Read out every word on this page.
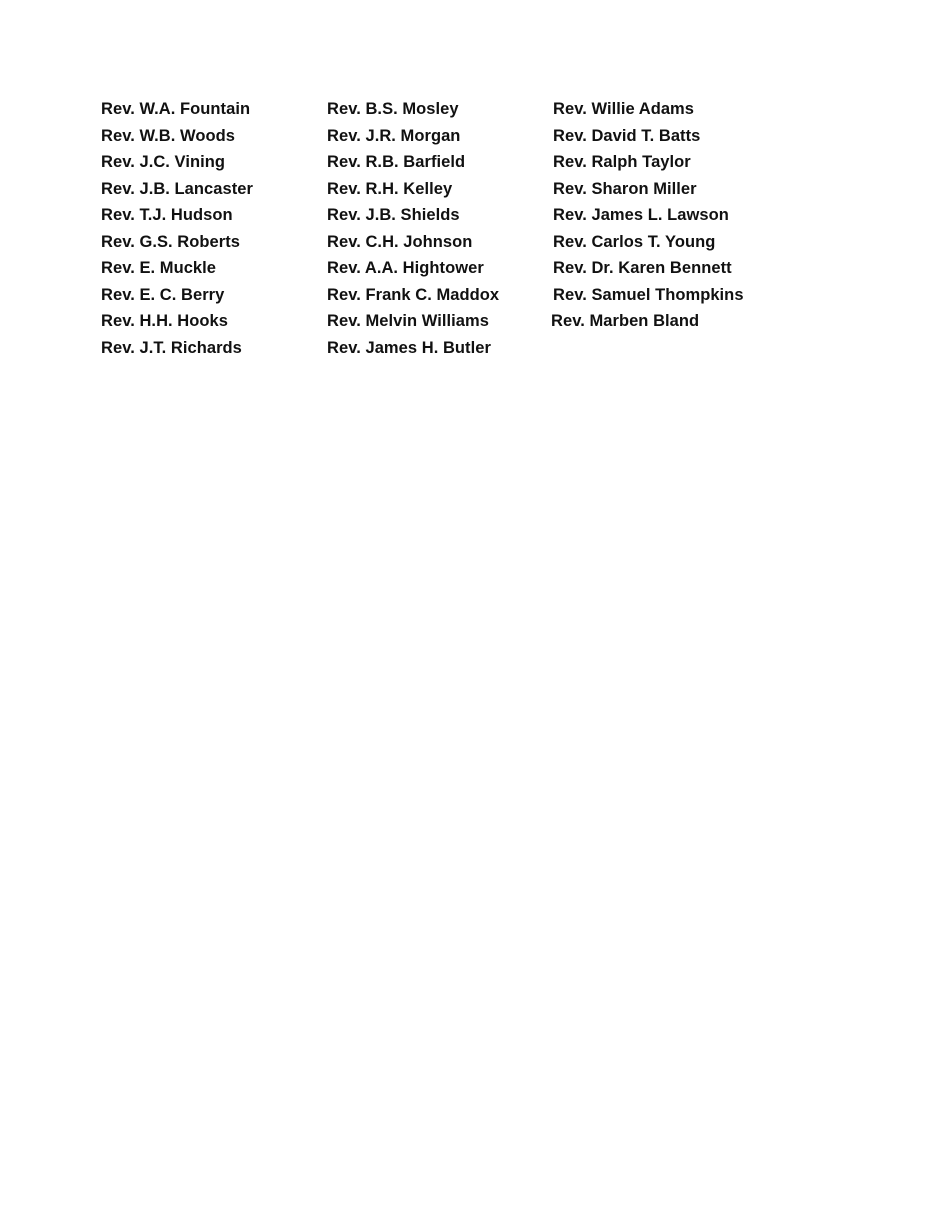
Rev. W.A. Fountain
Rev. W.B. Woods
Rev. J.C. Vining
Rev. J.B. Lancaster
Rev. T.J. Hudson
Rev. G.S. Roberts
Rev. E. Muckle
Rev. E. C. Berry
Rev. H.H. Hooks
Rev. J.T. Richards
Rev. B.S. Mosley
Rev. J.R. Morgan
Rev. R.B. Barfield
Rev. R.H. Kelley
Rev. J.B. Shields
Rev. C.H. Johnson
Rev. A.A. Hightower
Rev. Frank C. Maddox
Rev. Melvin Williams
Rev. James H. Butler
Rev. Willie Adams
Rev. David T. Batts
Rev. Ralph Taylor
Rev. Sharon Miller
Rev. James L. Lawson
Rev. Carlos T. Young
Rev. Dr. Karen Bennett
Rev. Samuel Thompkins
Rev. Marben Bland
